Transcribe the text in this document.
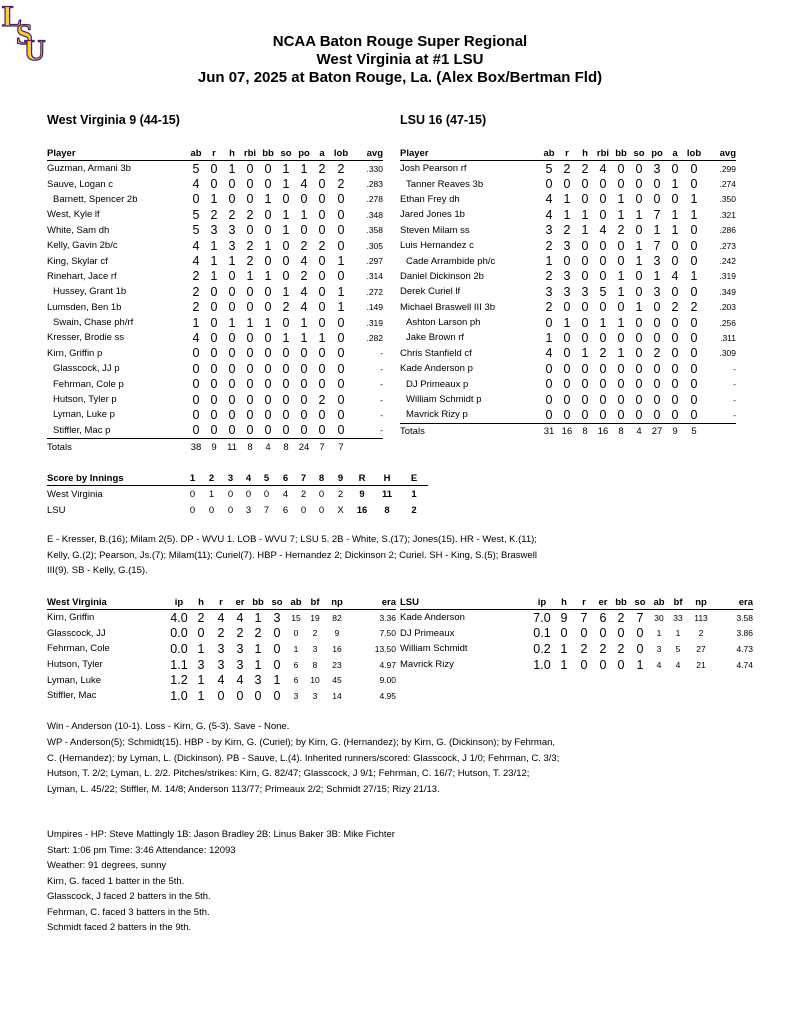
L
S
U	NCAA Baton Rouge Super Regional
West Virginia at #1 LSU
Jun 07, 2025 at Baton Rouge, La. (Alex Box/Bertman Fld)
West Virginia 9 (44-15)	LSU 16 (47-15)
Player	ab	r	h	rbi	bb	so	po	a	lob	avg
Guzman, Armani 3b	5	0	1	0	0	1	1	2	2	.330
Sauve, Logan c	4	0	0	0	0	1	4	0	2	.283
Barnett, Spencer 2b	0	1	0	0	1	0	0	0	0	.278
West, Kyle lf	5	2	2	2	0	1	1	0	0	.348
White, Sam dh	5	3	3	0	0	1	0	0	0	.358
Kelly, Gavin 2b/c	4	1	3	2	1	0	2	2	0	.305
King, Skylar cf	4	1	1	2	0	0	4	0	1	.297
Rinehart, Jace rf	2	1	0	1	1	0	2	0	0	.314
Hussey, Grant 1b	2	0	0	0	0	1	4	0	1	.272
Lumsden, Ben 1b	2	0	0	0	0	2	4	0	1	.149
Swain, Chase ph/rf	1	0	1	1	1	0	1	0	0	.319
Kresser, Brodie ss	4	0	0	0	0	1	1	1	0	.282
Kirn, Griffin p	0	0	0	0	0	0	0	0	0	-
Glasscock, JJ p	0	0	0	0	0	0	0	0	0	-
Fehrman, Cole p	0	0	0	0	0	0	0	0	0	-
Hutson, Tyler p	0	0	0	0	0	0	0	2	0	-
Lyman, Luke p	0	0	0	0	0	0	0	0	0	-
Stiffler, Mac p	0	0	0	0	0	0	0	0	0	-
Totals	38	9	11	8	4	8	24	7	7	
Player	ab	r	h	rbi	bb	so	po	a	lob	avg
Josh Pearson rf	5	2	2	4	0	0	3	0	0	.299
Tanner Reaves 3b	0	0	0	0	0	0	0	1	0	.274
Ethan Frey dh	4	1	0	0	1	0	0	0	1	.350
Jared Jones 1b	4	1	1	0	1	1	7	1	1	.321
Steven Milam ss	3	2	1	4	2	0	1	1	0	.286
Luis Hernandez c	2	3	0	0	0	1	7	0	0	.273
Cade Arrambide ph/c	1	0	0	0	0	1	3	0	0	.242
Daniel Dickinson 2b	2	3	0	0	1	0	1	4	1	.319
Derek Curiel lf	3	3	3	5	1	0	3	0	0	.349
Michael Braswell III 3b	2	0	0	0	0	1	0	2	2	.203
Ashton Larson ph	0	1	0	1	1	0	0	0	0	.256
Jake Brown rf	1	0	0	0	0	0	0	0	0	.311
Chris Stanfield cf	4	0	1	2	1	0	2	0	0	.309
Kade Anderson p	0	0	0	0	0	0	0	0	0	-
DJ Primeaux p	0	0	0	0	0	0	0	0	0	-
William Schmidt p	0	0	0	0	0	0	0	0	0	-
Mavrick Rizy p	0	0	0	0	0	0	0	0	0	-
Totals	31	16	8	16	8	4	27	9	5	
Score by Innings	1	2	3	4	5	6	7	8	9	R	H	E
West Virginia	0	1	0	0	0	4	2	0	2	9	11	1
LSU	0	0	0	3	7	6	0	0	X	16	8	2
E - Kresser, B.(16); Milam 2(5). DP - WVU 1. LOB - WVU 7; LSU 5. 2B - White, S.(17); Jones(15). HR - West, K.(11); Kelly, G.(2); Pearson, Js.(7); Milam(11); Curiel(7). HBP - Hernandez 2; Dickinson 2; Curiel. SH - King, S.(5); Braswell III(9). SB - Kelly, G.(15).
West Virginia	ip	h	r	er	bb	so	ab	bf	np	era
Kirn, Griffin	4.0	2	4	4	1	3	15	19	82	3.36
Glasscock, JJ	0.0	0	2	2	2	0	0	2	9	7.50
Fehrman, Cole	0.0	1	3	3	1	0	1	3	16	13.50
Hutson, Tyler	1.1	3	3	3	1	0	6	8	23	4.97
Lyman, Luke	1.2	1	4	4	3	1	6	10	45	9.00
Stiffler, Mac	1.0	1	0	0	0	0	3	3	14	4.95
LSU	ip	h	r	er	bb	so	ab	bf	np	era
Kade Anderson	7.0	9	7	6	2	7	30	33	113	3.58
DJ Primeaux	0.1	0	0	0	0	0	1	1	2	3.86
William Schmidt	0.2	1	2	2	2	0	3	5	27	4.73
Mavrick Rizy	1.0	1	0	0	0	1	4	4	21	4.74
Win - Anderson (10-1). Loss - Kirn, G. (5-3). Save - None.
WP - Anderson(5); Schmidt(15). HBP - by Kirn, G. (Curiel); by Kirn, G. (Hernandez); by Kirn, G. (Dickinson); by Fehrman, C. (Hernandez); by Lyman, L. (Dickinson). PB - Sauve, L.(4). Inherited runners/scored: Glasscock, J 1/0; Fehrman, C. 3/3; Hutson, T. 2/2; Lyman, L. 2/2. Pitches/strikes: Kirn, G. 82/47; Glasscock, J 9/1; Fehrman, C. 16/7; Hutson, T. 23/12; Lyman, L. 45/22; Stiffler, M. 14/8; Anderson 113/77; Primeaux 2/2; Schmidt 27/15; Rizy 21/13.
Umpires - HP: Steve Mattingly 1B: Jason Bradley 2B: Linus Baker 3B: Mike Fichter
Start: 1:06 pm Time: 3:46 Attendance: 12093
Weather: 91 degrees, sunny
Kirn, G. faced 1 batter in the 5th.
Glasscock, J faced 2 batters in the 5th.
Fehrman, C. faced 3 batters in the 5th.
Schmidt faced 2 batters in the 9th.
